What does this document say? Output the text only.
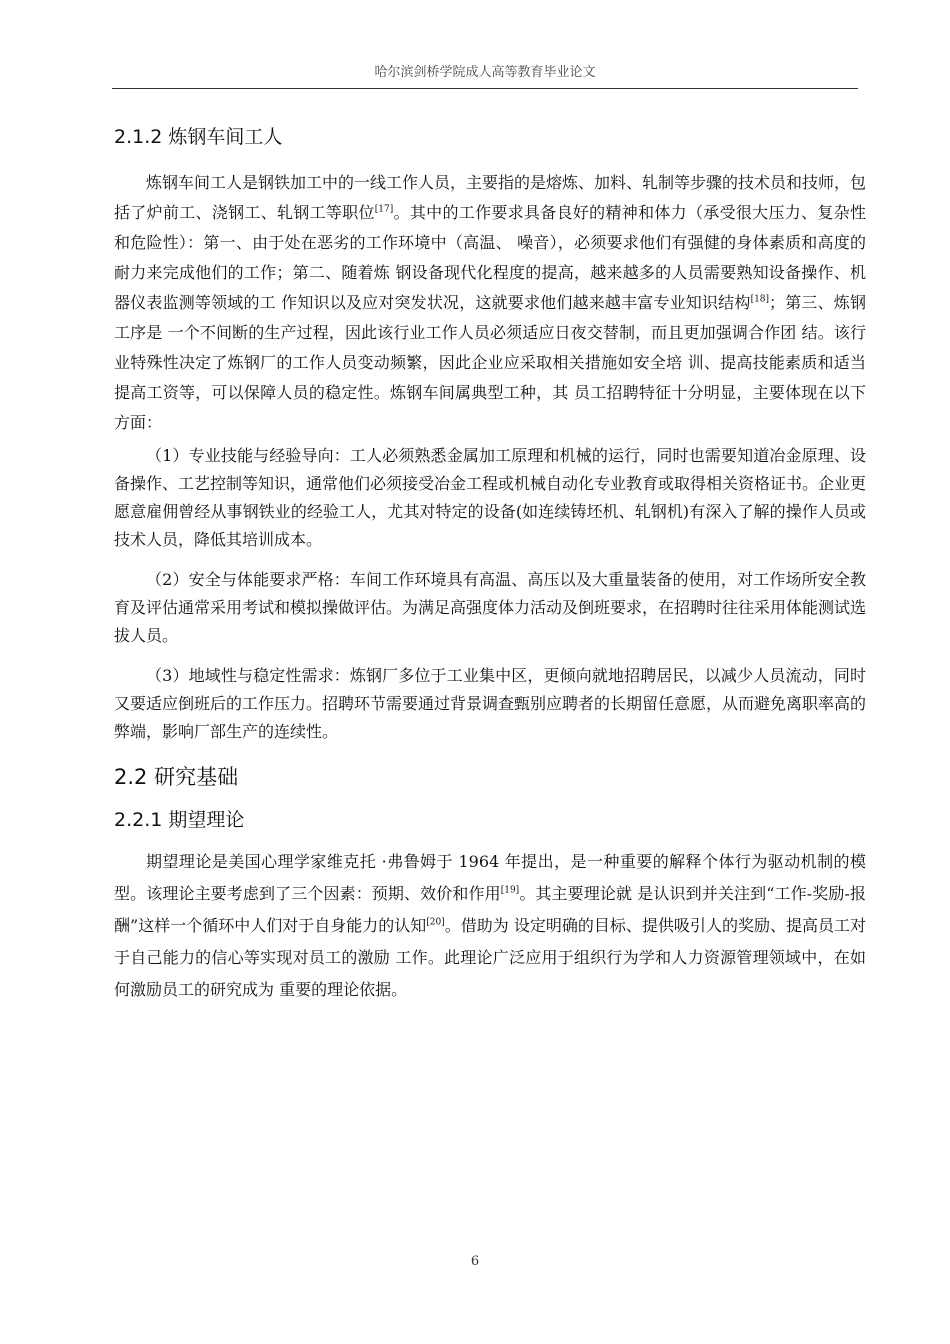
哈尔滨剑桥学院成人高等教育毕业论文
2.1.2 炼钢车间工人

炼钢车间工人是钢铁加工中的一线工作人员，主要指的是熔炼、加料、轧制等步骤的技术员和技师，包括了炉前工、浇钢工、轧钢工等职位[17]。其中的工作要求具备良好的精神和体力（承受很大压力、复杂性和危险性）：第一、由于处在恶劣的工作环境中（高温、 噪音），必须要求他们有强健的身体素质和高度的耐力来完成他们的工作；第二、随着炼 钢设备现代化程度的提高，越来越多的人员需要熟知设备操作、机器仪表监测等领域的工 作知识以及应对突发状况，这就要求他们越来越丰富专业知识结构[18]；第三、炼钢工序是 一个不间断的生产过程，因此该行业工作人员必须适应日夜交替制，而且更加强调合作团 结。该行业特殊性决定了炼钢厂的工作人员变动频繁，因此企业应采取相关措施如安全培 训、提高技能素质和适当提高工资等，可以保障人员的稳定性。炼钢车间属典型工种，其 员工招聘特征十分明显，主要体现在以下方面：

（1）专业技能与经验导向：工人必须熟悉金属加工原理和机械的运行，同时也需要知道冶金原理、设备操作、工艺控制等知识，通常他们必须接受冶金工程或机械自动化专业教育或取得相关资格证书。企业更愿意雇佣曾经从事钢铁业的经验工人，尤其对特定的设备(如连续铸坯机、轧钢机)有深入了解的操作人员或技术人员，降低其培训成本。

（2）安全与体能要求严格：车间工作环境具有高温、高压以及大重量装备的使用，对工作场所安全教育及评估通常采用考试和模拟操做评估。为满足高强度体力活动及倒班要求，在招聘时往往采用体能测试选拔人员。

（3）地域性与稳定性需求：炼钢厂多位于工业集中区，更倾向就地招聘居民，以减少人员流动，同时又要适应倒班后的工作压力。招聘环节需要通过背景调查甄别应聘者的长期留任意愿，从而避免离职率高的弊端，影响厂部生产的连续性。

2.2 研究基础
2.2.1 期望理论

期望理论是美国心理学家维克托 ·弗鲁姆于 1964 年提出，是一种重要的解释个体行为驱动机制的模型。该理论主要考虑到了三个因素：预期、效价和作用[19]。其主要理论就 是认识到并关注到“工作-奖励-报酬”这样一个循环中人们对于自身能力的认知[20]。借助为 设定明确的目标、提供吸引人的奖励、提高员工对于自己能力的信心等实现对员工的激励 工作。此理论广泛应用于组织行为学和人力资源管理领域中，在如何激励员工的研究成为 重要的理论依据。

6
